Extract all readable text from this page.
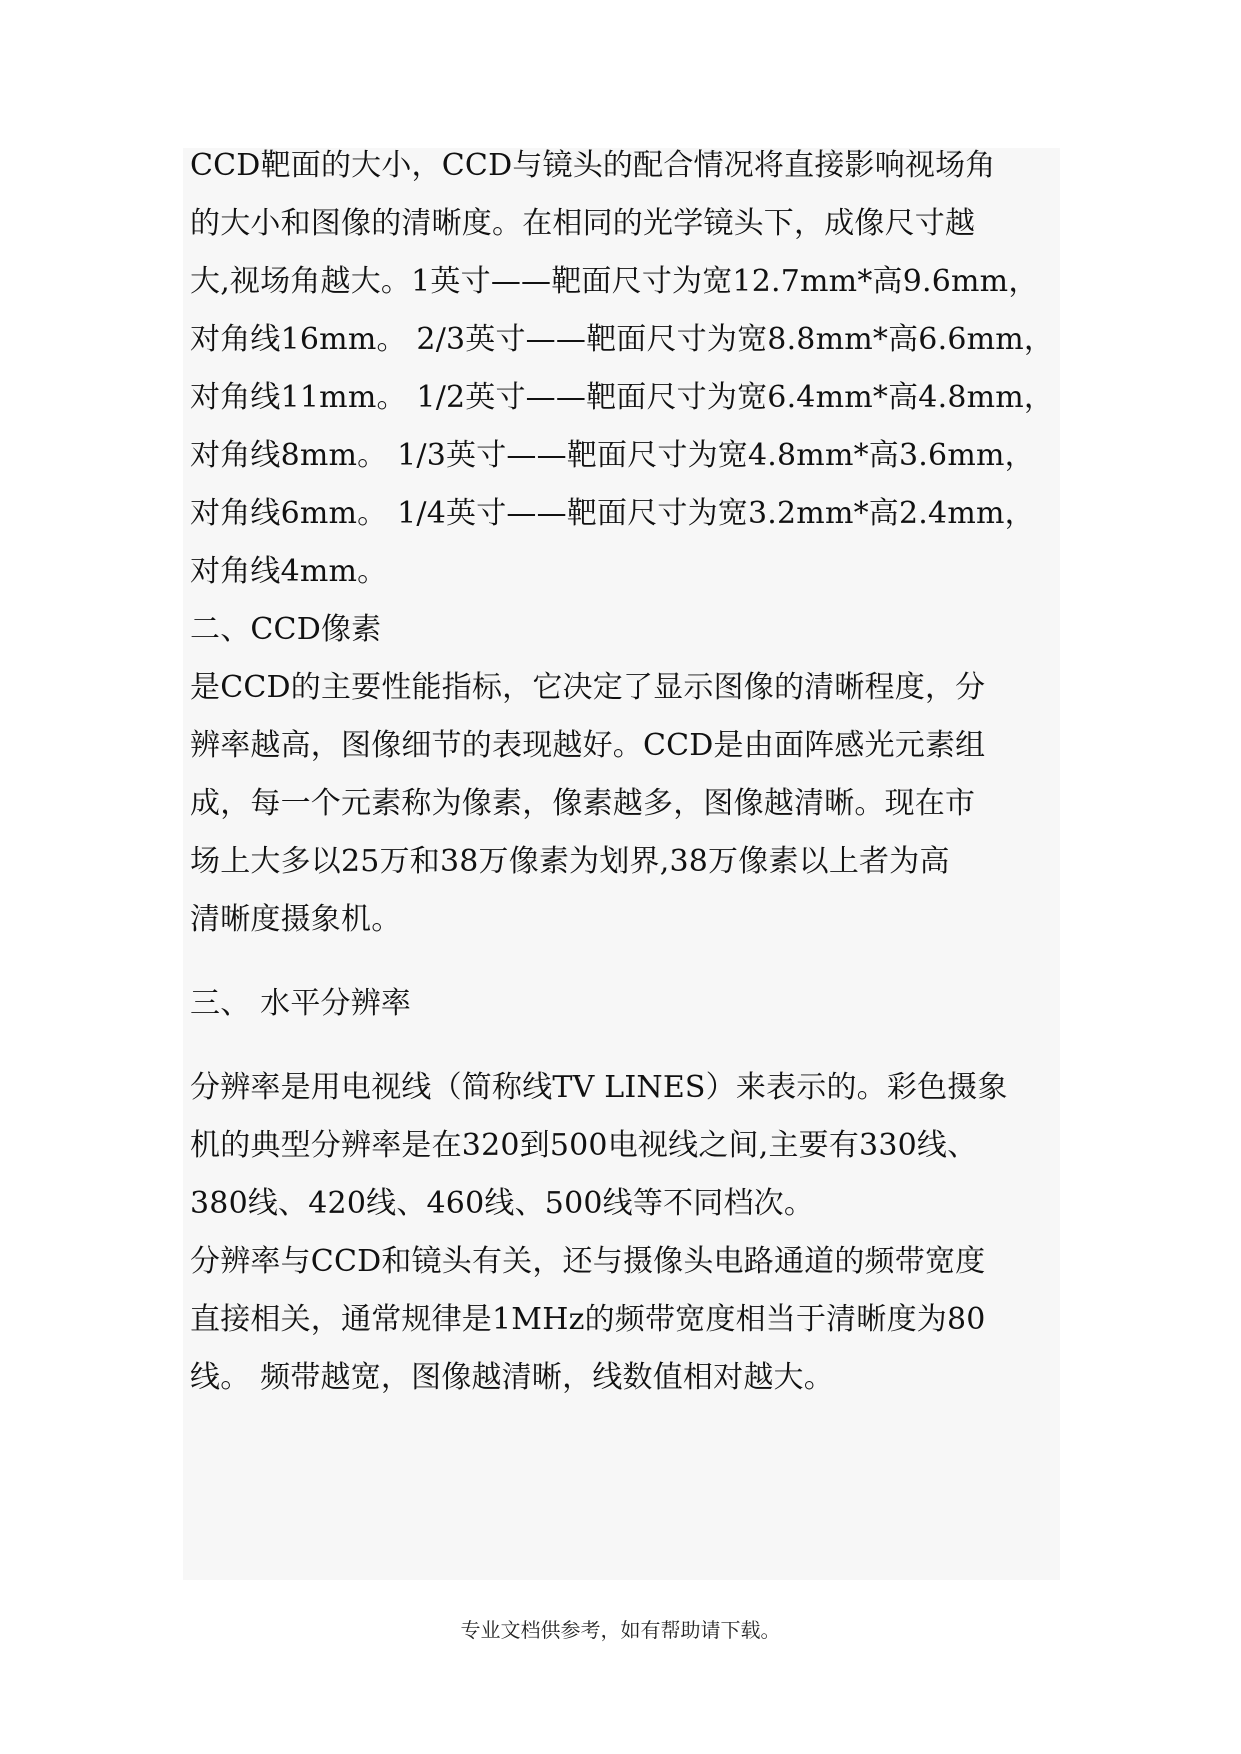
CCD靶面的大小，CCD与镜头的配合情况将直接影响视场角
的大小和图像的清晰度。在相同的光学镜头下，成像尺寸越
大,视场角越大。1英寸——靶面尺寸为宽12.7mm*高9.6mm，
对角线16mm。 2/3英寸——靶面尺寸为宽8.8mm*高6.6mm，
对角线11mm。 1/2英寸——靶面尺寸为宽6.4mm*高4.8mm，
对角线8mm。 1/3英寸——靶面尺寸为宽4.8mm*高3.6mm，
对角线6mm。 1/4英寸——靶面尺寸为宽3.2mm*高2.4mm，
对角线4mm。
二、CCD像素
是CCD的主要性能指标，它决定了显示图像的清晰程度，分
辨率越高，图像细节的表现越好。CCD是由面阵感光元素组
成，每一个元素称为像素，像素越多，图像越清晰。现在市
场上大多以25万和38万像素为划界,38万像素以上者为高
清晰度摄象机。
三、 水平分辨率
分辨率是用电视线（简称线TV LINES）来表示的。彩色摄象
机的典型分辨率是在320到500电视线之间,主要有330线、
380线、420线、460线、500线等不同档次。
分辨率与CCD和镜头有关，还与摄像头电路通道的频带宽度
直接相关，通常规律是1MHz的频带宽度相当于清晰度为80
线。 频带越宽，图像越清晰，线数值相对越大。
专业文档供参考，如有帮助请下载。
